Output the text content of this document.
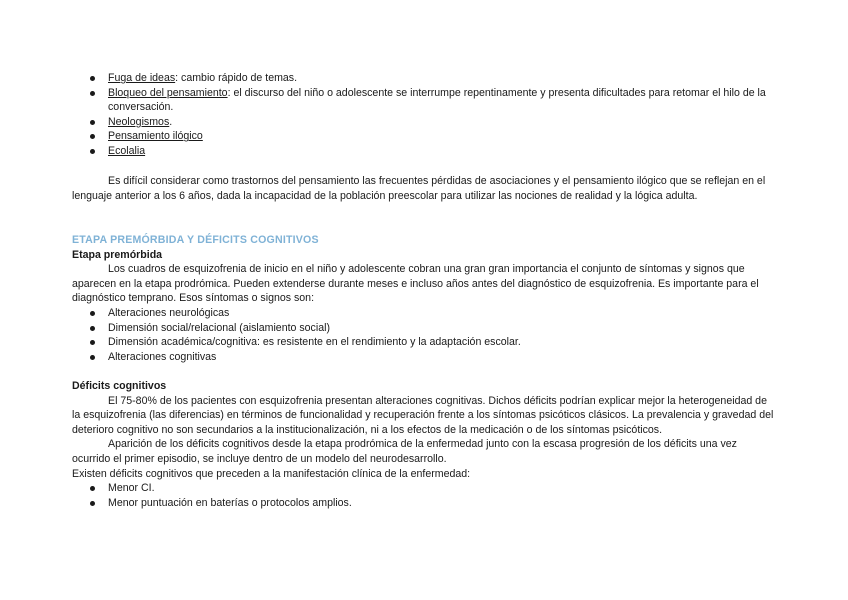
Fuga de ideas: cambio rápido de temas.
Bloqueo del pensamiento: el discurso del niño o adolescente se interrumpe repentinamente y presenta dificultades para retomar el hilo de la conversación.
Neologismos.
Pensamiento ilógico
Ecolalia

Es difícil considerar como trastornos del pensamiento las frecuentes pérdidas de asociaciones y el pensamiento ilógico que se reflejan en el lenguaje anterior a los 6 años, dada la incapacidad de la población preescolar para utilizar las nociones de realidad y la lógica adulta.

ETAPA PREMÓRBIDA Y DÉFICITS COGNITIVOS
Etapa premórbida

Los cuadros de esquizofrenia de inicio en el niño y adolescente cobran una gran gran importancia el conjunto de síntomas y signos que aparecen en la etapa prodrómica. Pueden extenderse durante meses e incluso años antes del diagnóstico de esquizofrenia. Es importante para el diagnóstico temprano. Esos síntomas o signos son:

Alteraciones neurológicas
Dimensión social/relacional (aislamiento social)
Dimensión académica/cognitiva: es resistente en el rendimiento y la adaptación escolar.
Alteraciones cognitivas
Déficits cognitivos

El 75-80% de los pacientes con esquizofrenia presentan alteraciones cognitivas. Dichos déficits podrían explicar mejor la heterogeneidad de la esquizofrenia (las diferencias) en términos de funcionalidad y recuperación frente a los síntomas psicóticos clásicos. La prevalencia y gravedad del deterioro cognitivo no son secundarios a la institucionalización, ni a los efectos de la medicación o de los síntomas psicóticos.

Aparición de los déficits cognitivos desde la etapa prodrómica de la enfermedad junto con la escasa progresión de los déficits una vez ocurrido el primer episodio, se incluye dentro de un modelo del neurodesarrollo.

Existen déficits cognitivos que preceden a la manifestación clínica de la enfermedad:

Menor CI.
Menor puntuación en baterías o protocolos amplios.
